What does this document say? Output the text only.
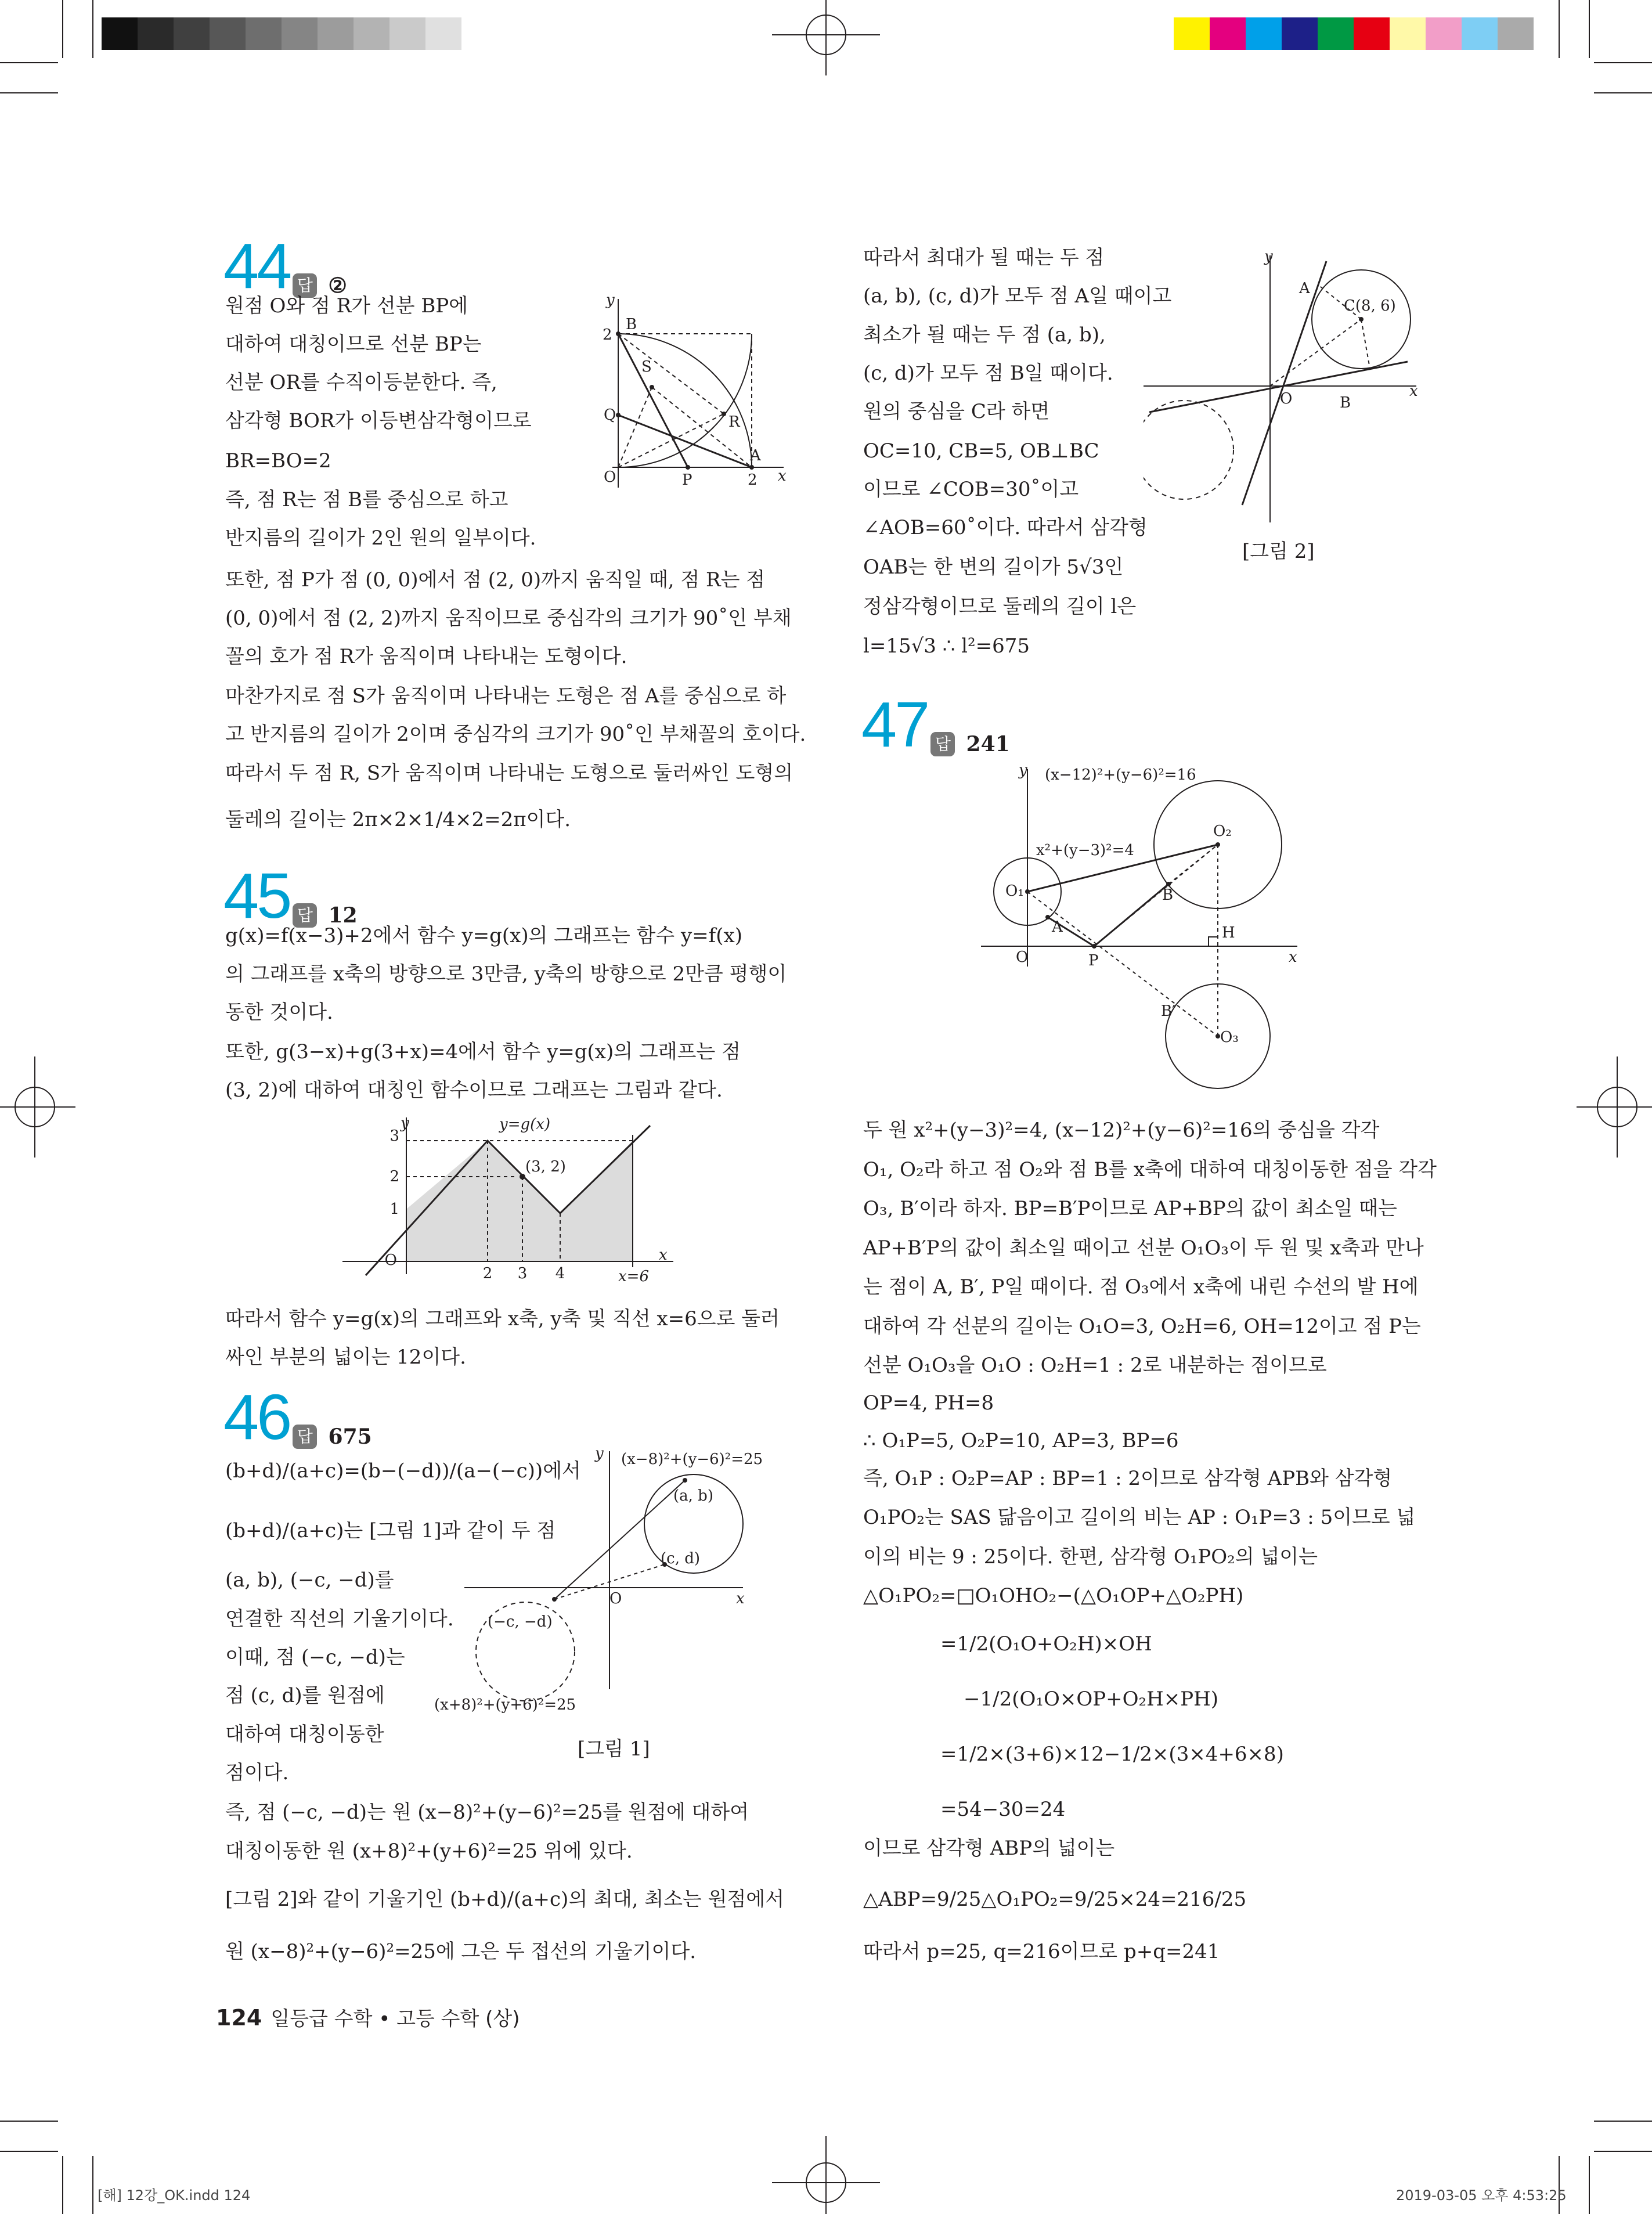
44 답 ②
원점 O와 점 R가 선분 BP에
대하여 대칭이므로 선분 BP는
선분 OR를 수직이등분한다. 즉,
삼각형 BOR가 이등변삼각형이므로
BR=BO=2
즉, 점 R는 점 B를 중심으로 하고
반지름의 길이가 2인 원의 일부이다.
또한, 점 P가 점 (0, 0)에서 점 (2, 0)까지 움직일 때, 점 R는 점
(0, 0)에서 점 (2, 2)까지 움직이므로 중심각의 크기가 90˚인 부채
꼴의 호가 점 R가 움직이며 나타내는 도형이다.
마찬가지로 점 S가 움직이며 나타내는 도형은 점 A를 중심으로 하
고 반지름의 길이가 2이며 중심각의 크기가 90˚인 부채꼴의 호이다.
따라서 두 점 R, S가 움직이며 나타내는 도형으로 둘러싸인 도형의
둘레의 길이는 2π×2×1/4×2=2π이다.
y
B
2
S
Q	R
A
O	P	2 x
45 답 12
g(x)=f(x−3)+2에서 함수 y=g(x)의 그래프는 함수 y=f(x)
의 그래프를 x축의 방향으로 3만큼, y축의 방향으로 2만큼 평행이
동한 것이다.
또한, g(3−x)+g(3+x)=4에서 함수 y=g(x)의 그래프는 점
(3, 2)에 대하여 대칭인 함수이므로 그래프는 그림과 같다.
y	y=g(x)
3
2
1
(3, 2)
O
2 3 4
x
x=6
따라서 함수 y=g(x)의 그래프와 x축, y축 및 직선 x=6으로 둘러
싸인 부분의 넓이는 12이다.
46 답 675
(b+d)/(a+c)=(b−(−d))/(a−(−c))에서
(b+d)/(a+c)는 [그림 1]과 같이 두 점
(a, b), (−c, −d)를
연결한 직선의 기울기이다.
이때, 점 (−c, −d)는
점 (c, d)를 원점에
대하여 대칭이동한
점이다.
즉, 점 (−c, −d)는 원 (x−8)²+(y−6)²=25를 원점에 대하여
대칭이동한 원 (x+8)²+(y+6)²=25 위에 있다.
[그림 2]와 같이 기울기인 (b+d)/(a+c)의 최대, 최소는 원점에서
원 (x−8)²+(y−6)²=25에 그은 두 접선의 기울기이다.
y (x−8)²+(y−6)²=25
(a, b)
(c, d)
O	x
(−c, −d)
(x+8)²+(y+6)²=25
[그림 1]
따라서 최대가 될 때는 두 점
(a, b), (c, d)가 모두 점 A일 때이고
최소가 될 때는 두 점 (a, b),
(c, d)가 모두 점 B일 때이다.
원의 중심을 C라 하면
OC=10, CB=5, OB⊥BC
이므로 ∠COB=30˚이고
∠AOB=60˚이다. 따라서 삼각형
OAB는 한 변의 길이가 5√3인
정삼각형이므로 둘레의 길이 l은
l=15√3 ∴ l²=675
y
A
C(8, 6)
O	B
x
[그림 2]
47 답 241
y (x−12)²+(y−6)²=16
O₂
x²+(y−3)²=4
O₁	B
A	H
O	P	x
B′
O₃
두 원 x²+(y−3)²=4, (x−12)²+(y−6)²=16의 중심을 각각
O₁, O₂라 하고 점 O₂와 점 B를 x축에 대하여 대칭이동한 점을 각각
O₃, B′이라 하자. BP=B′P이므로 AP+BP의 값이 최소일 때는
AP+B′P의 값이 최소일 때이고 선분 O₁O₃이 두 원 및 x축과 만나
는 점이 A, B′, P일 때이다. 점 O₃에서 x축에 내린 수선의 발 H에
대하여 각 선분의 길이는 O₁O=3, O₂H=6, OH=12이고 점 P는
선분 O₁O₃을 O₁O : O₂H=1 : 2로 내분하는 점이므로
OP=4, PH=8
∴ O₁P=5, O₂P=10, AP=3, BP=6
즉, O₁P : O₂P=AP : BP=1 : 2이므로 삼각형 APB와 삼각형
O₁PO₂는 SAS 닮음이고 길이의 비는 AP : O₁P=3 : 5이므로 넓
이의 비는 9 : 25이다. 한편, 삼각형 O₁PO₂의 넓이는
△O₁PO₂=□O₁OHO₂−(△O₁OP+△O₂PH)
=1/2(O₁O+O₂H)×OH
−1/2(O₁O×OP+O₂H×PH)
=1/2×(3+6)×12−1/2×(3×4+6×8)
=54−30=24
이므로 삼각형 ABP의 넓이는
△ABP=9/25△O₁PO₂=9/25×24=216/25
따라서 p=25, q=216이므로 p+q=241
124 일등급 수학 • 고등 수학 (상)
[해] 12강_OK.indd 124	2019-03-05 오후 4:53:25
